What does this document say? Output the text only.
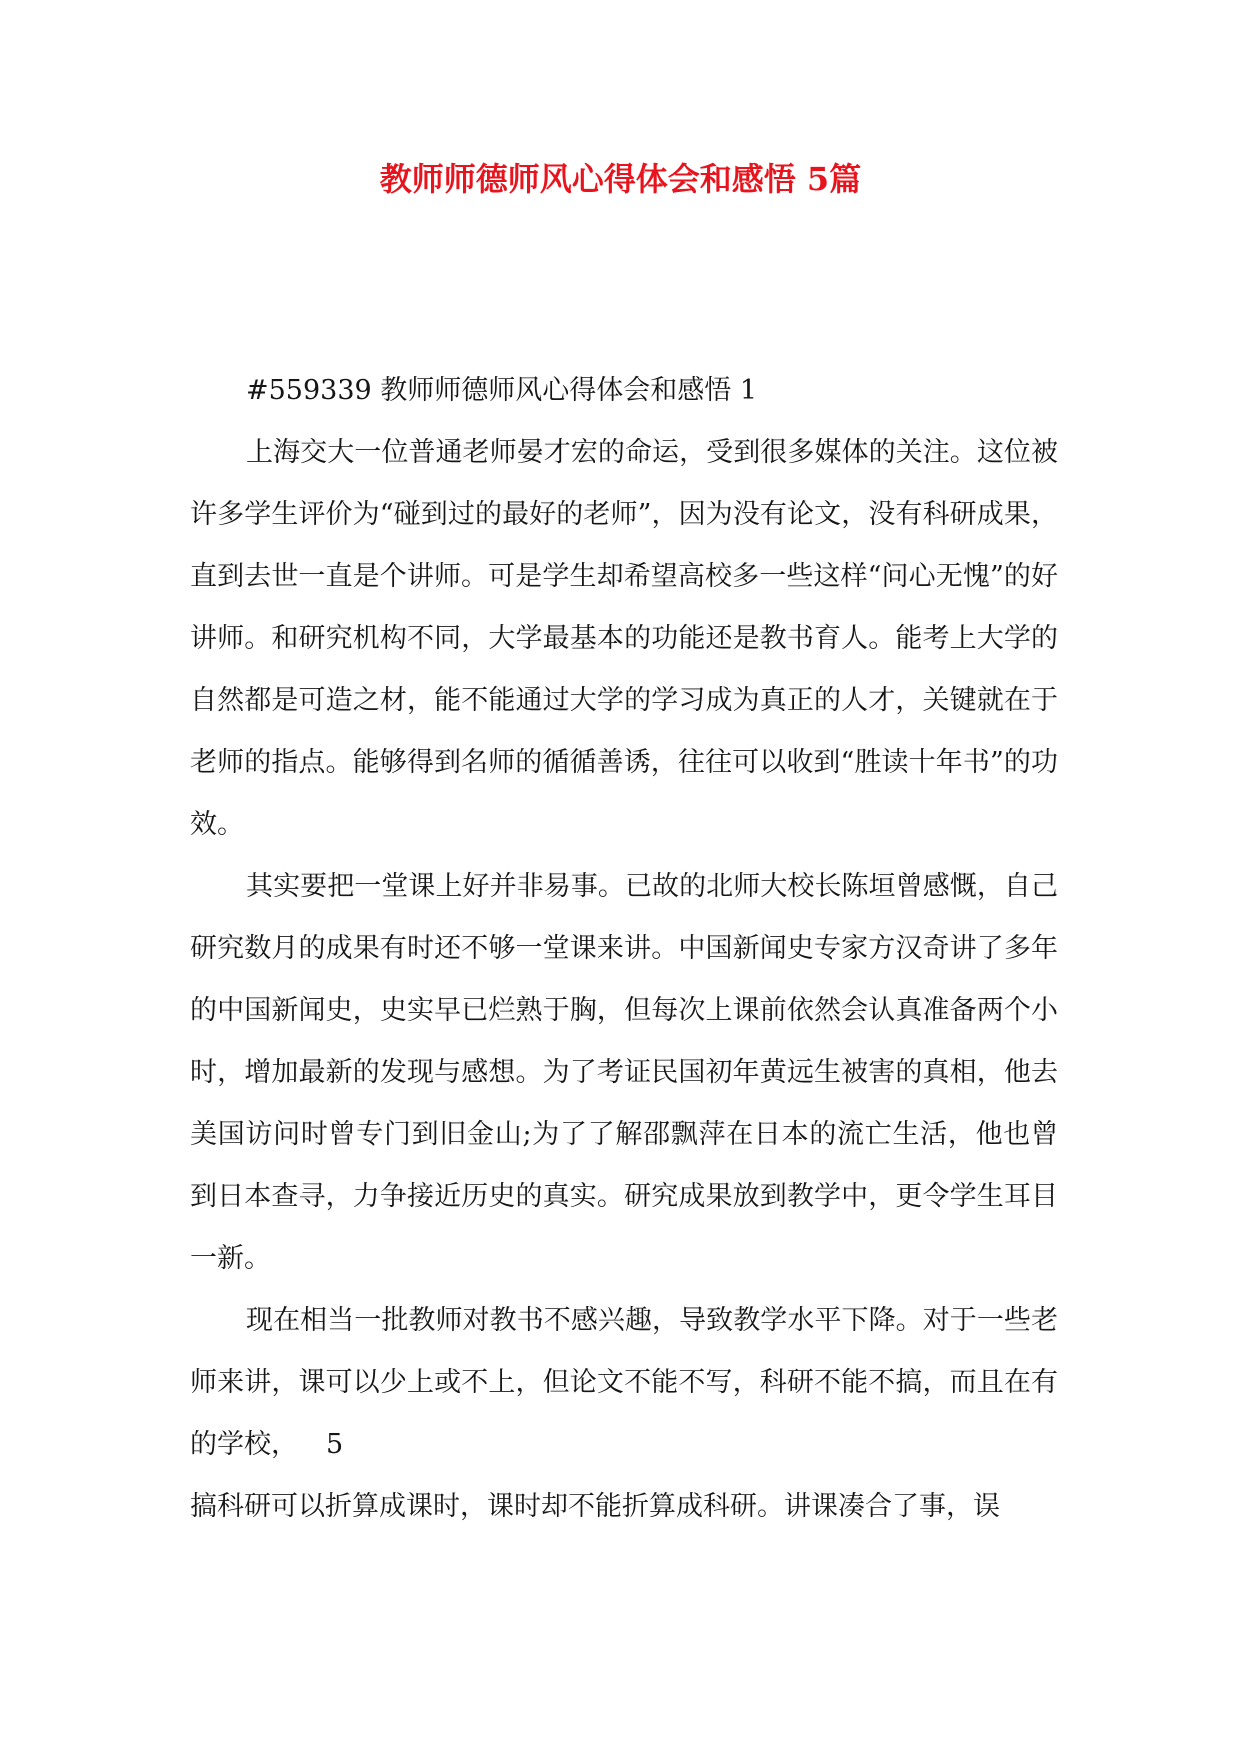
教师师德师风心得体会和感悟 5篇

#559339 教师师德师风心得体会和感悟 1

上海交大一位普通老师晏才宏的命运，受到很多媒体的关注。这位被许多学生评价为“碰到过的最好的老师”，因为没有论文，没有科研成果，直到去世一直是个讲师。可是学生却希望高校多一些这样“问心无愧”的好讲师。和研究机构不同，大学最基本的功能还是教书育人。能考上大学的自然都是可造之材，能不能通过大学的学习成为真正的人才，关键就在于老师的指点。能够得到名师的循循善诱，往往可以收到“胜读十年书”的功效。

其实要把一堂课上好并非易事。已故的北师大校长陈垣曾感慨，自己研究数月的成果有时还不够一堂课来讲。中国新闻史专家方汉奇讲了多年的中国新闻史，史实早已烂熟于胸，但每次上课前依然会认真准备两个小时，增加最新的发现与感想。为了考证民国初年黄远生被害的真相，他去美国访问时曾专门到旧金山;为了了解邵飘萍在日本的流亡生活，他也曾到日本查寻，力争接近历史的真实。研究成果放到教学中，更令学生耳目一新。

现在相当一批教师对教书不感兴趣，导致教学水平下降。对于一些老师来讲，课可以少上或不上，但论文不能不写，科研不能不搞，而且在有的学校， 5

搞科研可以折算成课时，课时却不能折算成科研。讲课凑合了事，误
